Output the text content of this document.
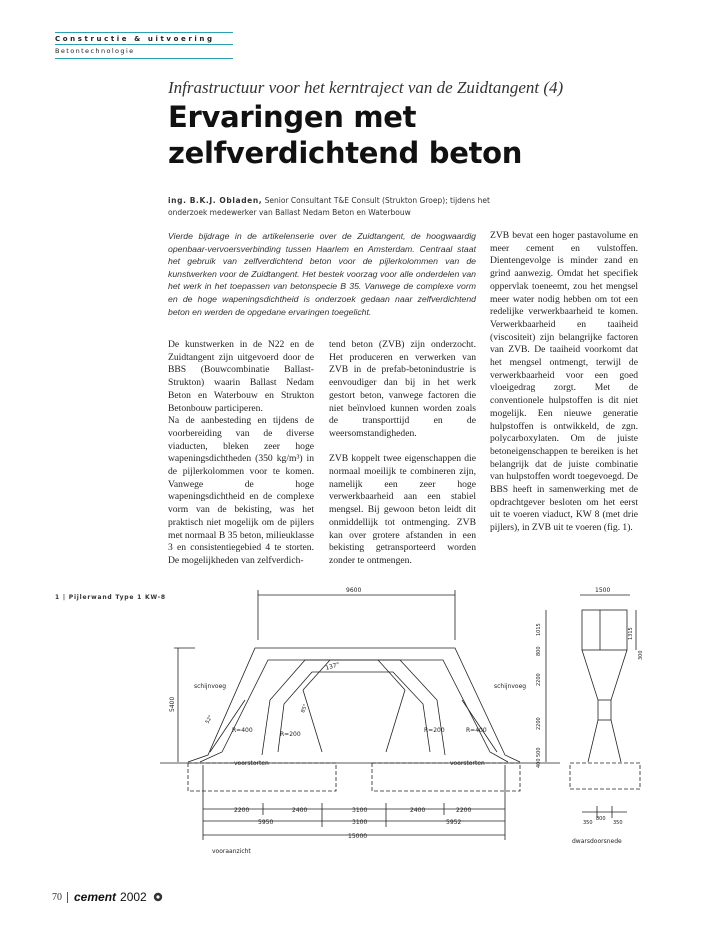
Constructie & uitvoering
Betontechnologie
Infrastructuur voor het kerntraject van de Zuidtangent (4)
Ervaringen met
zelfverdichtend beton
ing. B.K.J. Obladen, Senior Consultant T&E Consult (Strukton Groep); tijdens het onderzoek medewerker van Ballast Nedam Beton en Waterbouw

Vierde bijdrage in de artikelenserie over de Zuidtangent, de hoogwaardig openbaar-vervoersverbinding tussen Haarlem en Amsterdam. Centraal staat het gebruik van zelfverdichtend beton voor de pijlerkolommen van de kunstwerken voor de Zuidtangent. Het bestek voorzag voor alle onderdelen van het werk in het toepassen van betonspecie B 35. Vanwege de complexe vorm en de hoge wapeningsdichtheid is onderzoek gedaan naar zelfverdichtend beton en werden de opgedane ervaringen toegelicht.

De kunstwerken in de N22 en de Zuidtangent zijn uitgevoerd door de BBS (Bouwcombinatie Ballast-Strukton) waarin Ballast Nedam Beton en Waterbouw en Strukton Betonbouw participeren.

Na de aanbesteding en tijdens de voorbereiding van de diverse viaducten, bleken zeer hoge wapeningsdichtheden (350 kg/m³) in de pijlerkolommen voor te komen. Vanwege de hoge wapeningsdichtheid en de complexe vorm van de bekisting, was het praktisch niet mogelijk om de pijlers met normaal B 35 beton, milieuklasse 3 en consistentiegebied 4 te storten. De mogelijkheden van zelfverdich-

tend beton (ZVB) zijn onderzocht. Het produceren en verwerken van ZVB in de prefab-betonindustrie is eenvoudiger dan bij in het werk gestort beton, vanwege factoren die niet beïnvloed kunnen worden zoals de transporttijd en de weersomstandigheden.

ZVB koppelt twee eigenschappen die normaal moeilijk te combineren zijn, namelijk een zeer hoge verwerkbaarheid aan een stabiel mengsel. Bij gewoon beton leidt dit onmiddellijk tot ontmenging. ZVB kan over grotere afstanden in een bekisting getransporteerd worden zonder te ontmengen.

ZVB bevat een hoger pastavolume en meer cement en vulstoffen. Dientengevolge is minder zand en grind aanwezig. Omdat het specifiek oppervlak toeneemt, zou het mengsel meer water nodig hebben om tot een redelijke verwerkbaarheid te komen. Verwerkbaarheid en taaiheid (viscositeit) zijn belangrijke factoren van ZVB. De taaiheid voorkomt dat het mengsel ontmengt, terwijl de verwerkbaarheid voor een goed vloeigedrag zorgt. Met de conventionele hulpstoffen is dit niet mogelijk. Een nieuwe generatie hulpstoffen is ontwikkeld, de zgn. polycarboxylaten. Om de juiste betoneigenschappen te bereiken is het belangrijk dat de juiste combinatie van hulpstoffen wordt toegevoegd. De BBS heeft in samenwerking met de opdrachtgever besloten om het eerst uit te voeren viaduct, KW 8 (met drie pijlers), in ZVB uit te voeren (fig. 1).

1 | Pijlerwand Type 1 KW-8
9600	1500
5400
schijnvoeg	schijnvoeg
137°
85°
52°
R=400
R=200
R=200	R=400
voorstorten	voorstorten
2200	2400	3100	2400	2200
5950	3100	5952
15000
vooraanzicht
dwarsdoorsnede
1015
800
2200
2200
500
400
1315
300
350
800
350
70	cement 2002
